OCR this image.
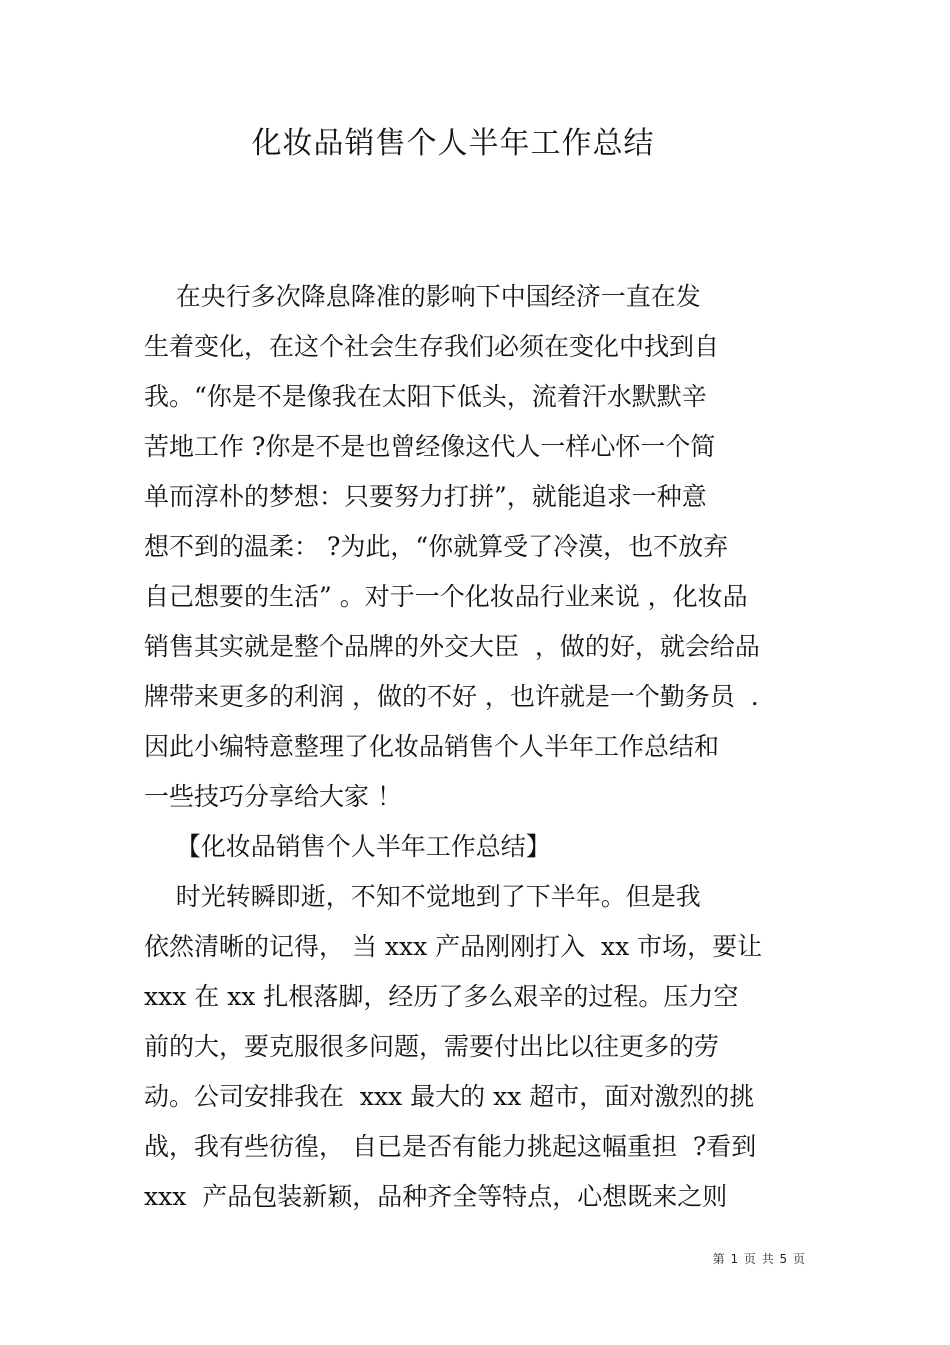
化妆品销售个人半年工作总结
在央行多次降息降准的影响下中国经济一直在发
生着变化，在这个社会生存我们必须在变化中找到自
我。“你是不是像我在太阳下低头，流着汗水默默辛
苦地工作 ?你是不是也曾经像这代人一样心怀一个简
单而淳朴的梦想：只要努力打拼”，就能追求一种意
想不到的温柔： ?为此，“你就算受了冷漠，也不放弃
自己想要的生活” 。对于一个化妆品行业来说 ，化妆品
销售其实就是整个品牌的外交大臣  ，做的好，就会给品
牌带来更多的利润 ，做的不好 ，也许就是一个勤务员  .
因此小编特意整理了化妆品销售个人半年工作总结和
一些技巧分享给大家 ！
【化妆品销售个人半年工作总结】
时光转瞬即逝，不知不觉地到了下半年。但是我
依然清晰的记得， 当 xxx 产品刚刚打入  xx 市场，要让
xxx 在 xx 扎根落脚，经历了多么艰辛的过程。压力空
前的大，要克服很多问题，需要付出比以往更多的劳
动。公司安排我在  xxx 最大的 xx 超市，面对激烈的挑
战，我有些彷徨， 自已是否有能力挑起这幅重担  ?看到
xxx  产品包装新颖，品种齐全等特点，心想既来之则
第 1 页 共 5 页
